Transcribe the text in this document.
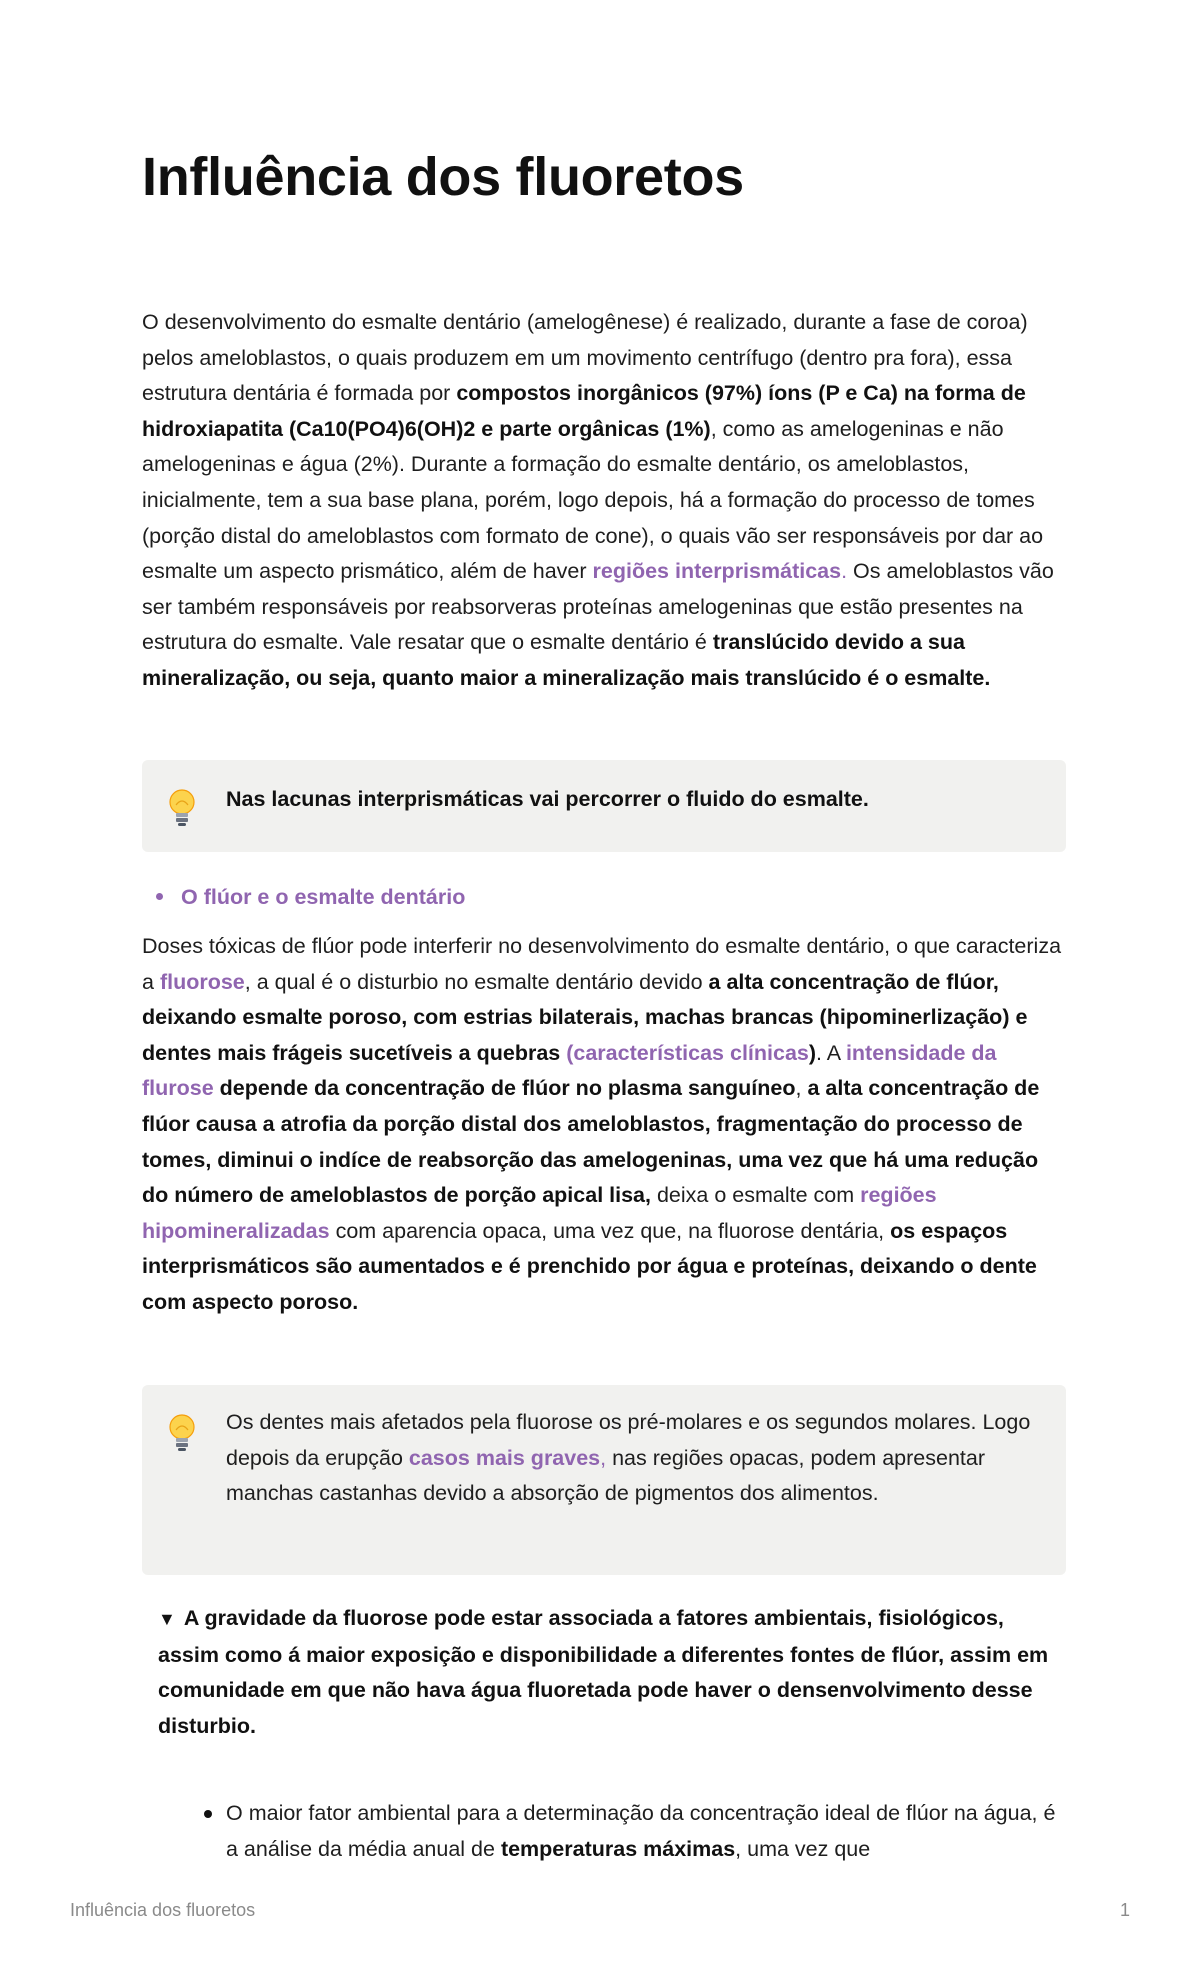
Influência dos fluoretos

O desenvolvimento do esmalte dentário (amelogênese) é realizado, durante a fase de coroa) pelos ameloblastos, o quais produzem em um movimento centrífugo (dentro pra fora), essa estrutura dentária é formada por compostos inorgânicos (97%) íons (P e Ca) na forma de hidroxiapatita (Ca10(PO4)6(OH)2 e parte orgânicas (1%), como as amelogeninas e não amelogeninas e água (2%). Durante a formação do esmalte dentário, os ameloblastos, inicialmente, tem a sua base plana, porém, logo depois, há a formação do processo de tomes (porção distal do ameloblastos com formato de cone), o quais vão ser responsáveis por dar ao esmalte um aspecto prismático, além de haver regiões interprismáticas. Os ameloblastos vão ser também responsáveis por reabsorveras proteínas amelogeninas que estão presentes na estrutura do esmalte. Vale resatar que o esmalte dentário é translúcido devido a sua mineralização, ou seja, quanto maior a mineralização mais translúcido é o esmalte.

Nas lacunas interprismáticas vai percorrer o fluido do esmalte.
O flúor e o esmalte dentário

Doses tóxicas de flúor pode interferir no desenvolvimento do esmalte dentário, o que caracteriza a fluorose, a qual é o disturbio no esmalte dentário devido a alta concentração de flúor, deixando esmalte poroso, com estrias bilaterais, machas brancas (hipominerlização) e dentes mais frágeis sucetíveis a quebras (características clínicas). A intensidade da flurose depende da concentração de flúor no plasma sanguíneo, a alta concentração de flúor causa a atrofia da porção distal dos ameloblastos, fragmentação do processo de tomes, diminui o indíce de reabsorção das amelogeninas, uma vez que há uma redução do número de ameloblastos de porção apical lisa, deixa o esmalte com regiões hipomineralizadas com aparencia opaca, uma vez que, na fluorose dentária, os espaços interprismáticos são aumentados e é prenchido por água e proteínas, deixando o dente com aspecto poroso.

Os dentes mais afetados pela fluorose os pré-molares e os segundos molares. Logo depois da erupção casos mais graves, nas regiões opacas, podem apresentar manchas castanhas devido a absorção de pigmentos dos alimentos.
▼ A gravidade da fluorose pode estar associada a fatores ambientais, fisiológicos, assim como á maior exposição e disponibilidade a diferentes fontes de flúor, assim em comunidade em que não hava água fluoretada pode haver o densenvolvimento desse disturbio.
O maior fator ambiental para a determinação da concentração ideal de flúor na água, é a análise da média anual de temperaturas máximas, uma vez que
Influência dos fluoretos	1
